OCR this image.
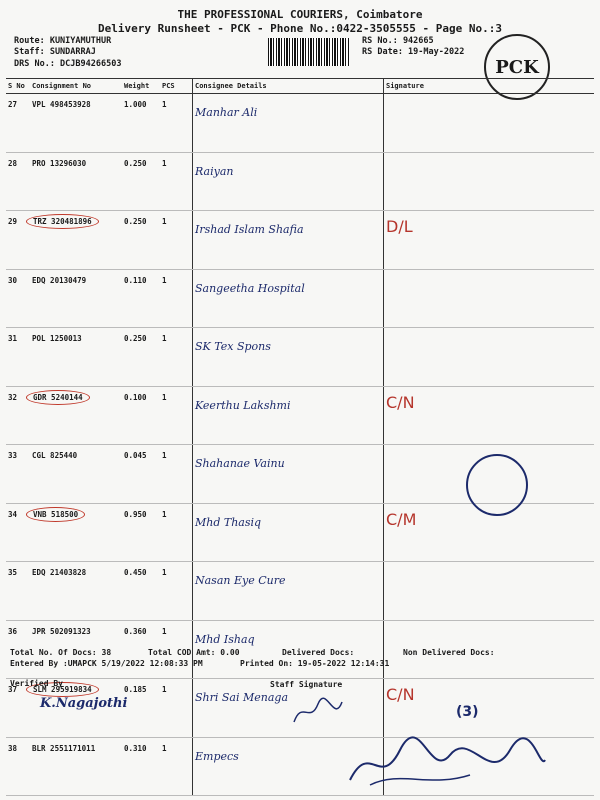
THE PROFESSIONAL COURIERS, Coimbatore
Delivery Runsheet - PCK - Phone No.:0422-3505555 - Page No.:3
Route: KUNIYAMUTHUR
Staff: SUNDARRAJ
DRS No.: DCJB94266503
RS No.: 942665
RS Date: 19-May-2022
PCK
S No	Consignment No	Weight	PCS	Consignee Details	Signature
27	VPL 498453928	1.000	1	Manhar Ali	
28	PRO 13296030	0.250	1	Raiyan	
29	TRZ 320481896	0.250	1	Irshad Islam Shafia	D/L
30	EDQ 20130479	0.110	1	Sangeetha Hospital	
31	POL 1250013	0.250	1	SK Tex Spons	
32	GDR 5240144	0.100	1	Keerthu Lakshmi	C/N
33	CGL 825440	0.045	1	Shahanae Vainu	
34	VNB 518500	0.950	1	Mhd Thasiq	C/M
35	EDQ 21403828	0.450	1	Nasan Eye Cure	
36	JPR 502091323	0.360	1	Mhd Ishaq	
37	SLM 295919834	0.185	1	Shri Sai Menaga	C/N
38	BLR 2551171011	0.310	1	Empecs	
Total No. Of Docs: 38	Total COD Amt: 0.00	Delivered Docs:	Non Delivered Docs:
Entered By :UMAPCK 5/19/2022 12:08:33 PM	Printed On: 19-05-2022 12:14:31
Verified By
K.Nagajothi
Staff Signature
(3)
